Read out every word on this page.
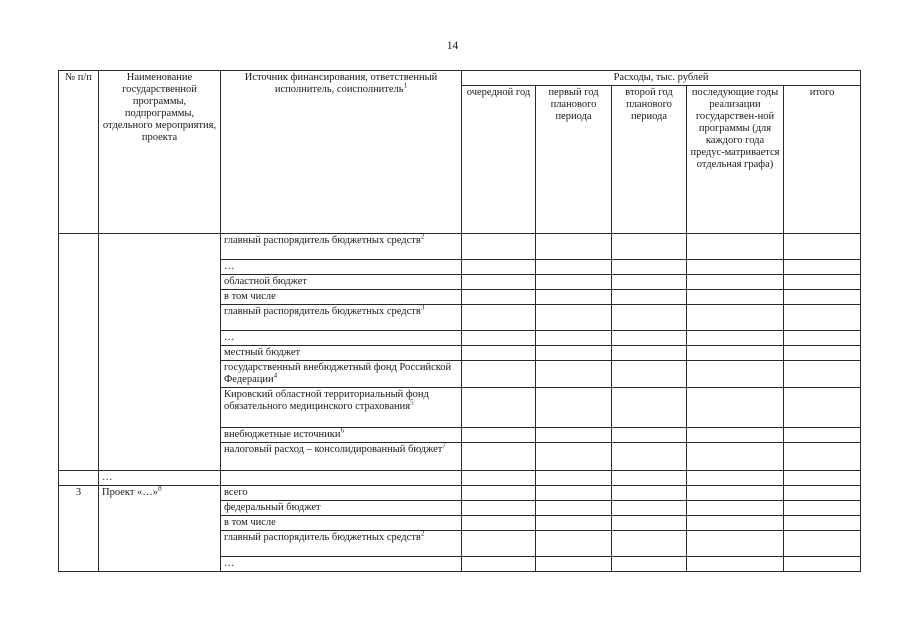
14
№ п/п	Наименование государственной программы, подпрограммы, отдельного мероприятия, проекта	Источник финансирования, ответственный исполнитель, соисполнитель$^1$	Расходы, тыс. рублей				
			очередной год	первый год планового периода	второй год планового периода	последующие годы реализации государствен-ной программы (для каждого года предус-матривается отдельная графа)	итого
		главный распорядитель бюджетных средств$^2$					
		…					
		областной бюджет					
		в том числе					
		главный распорядитель бюджетных средств$^3$					
		…					
		местный бюджет					
		государственный внебюджетный фонд Российской Федерации$^4$					
		Кировский областной территориальный фонд обязательного медицинского страхования$^5$					
		внебюджетные источники$^6$					
		налоговый расход – консолидированный бюджет$^7$					
	…						
3	Проект «…»$^8$	всего					
		федеральный бюджет					
		в том числе					
		главный распорядитель бюджетных средств$^2$					
		…					
